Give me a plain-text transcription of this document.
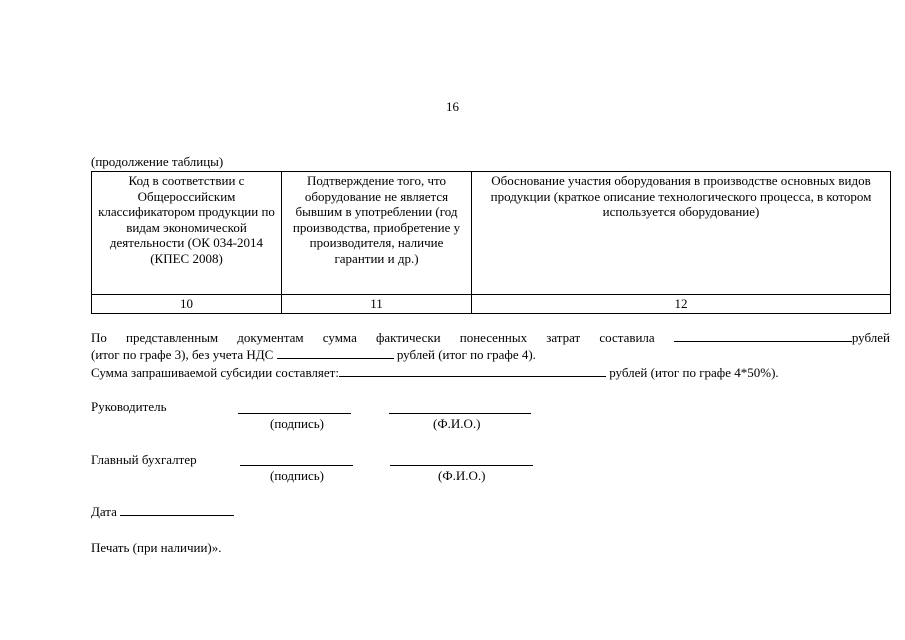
16
(продолжение таблицы)
Код в соответствии с Общероссийским классификатором продукции по видам экономической деятельности (ОК 034-2014 (КПЕС 2008)	Подтверждение того, что оборудование не является бывшим в употреблении (год производства, приобретение у производителя, наличие гарантии и др.)	Обоснование участия оборудования в производстве основных видов продукции (краткое описание технологического процесса, в котором используется оборудование)
10	11	12
По представленным документам сумма фактически понесенных затрат составила	рублей
(итог по графе 3), без учета НДС	рублей (итог по графе 4).
Сумма запрашиваемой субсидии составляет:	рублей (итог по графе 4*50%).
Руководитель
(подпись)	(Ф.И.О.)
Главный бухгалтер
(подпись)	(Ф.И.О.)
Дата
Печать (при наличии)».
